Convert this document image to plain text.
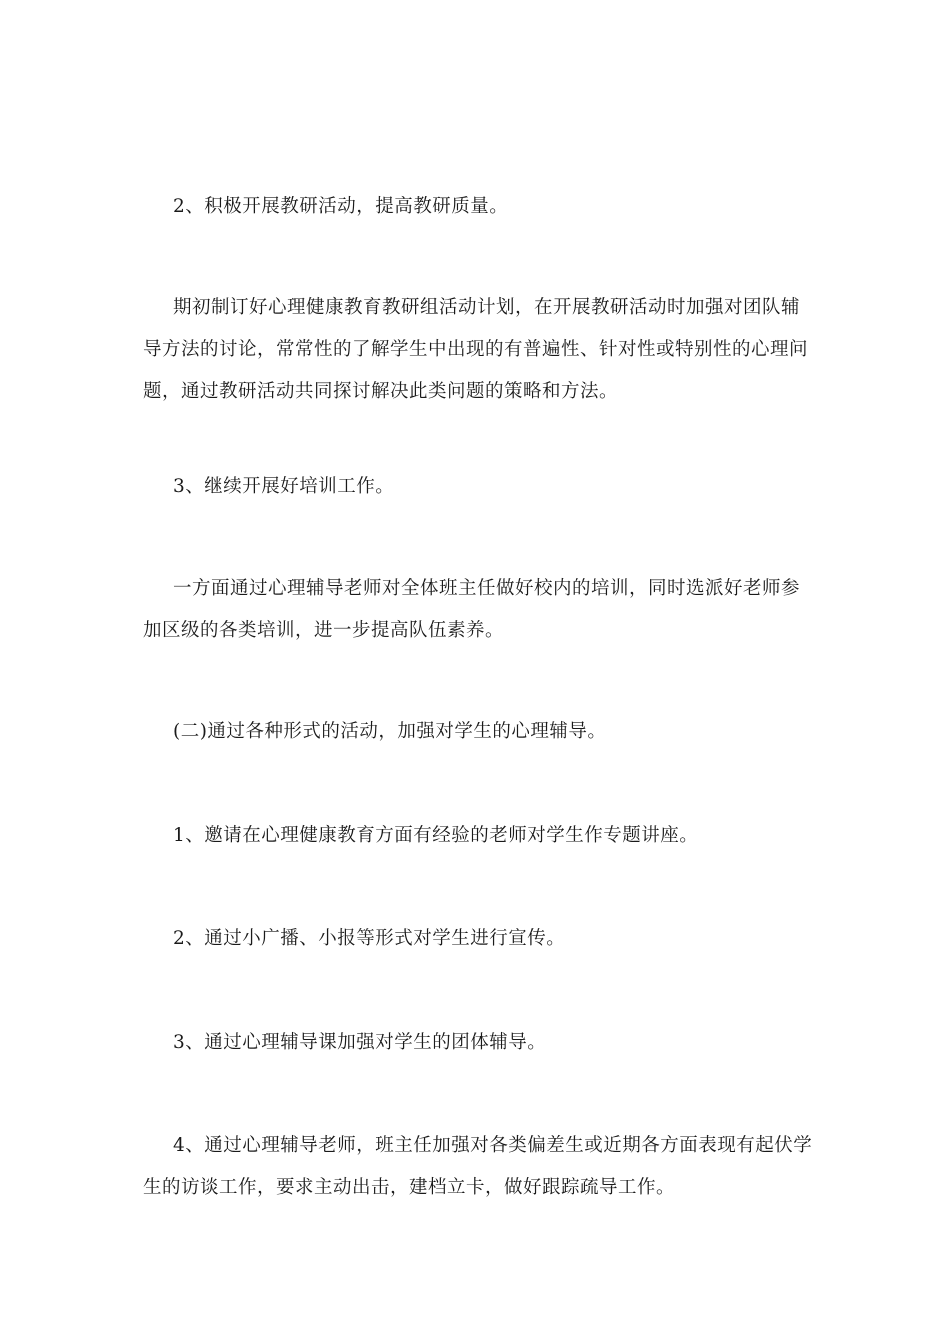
2、积极开展教研活动，提高教研质量。

期初制订好心理健康教育教研组活动计划，在开展教研活动时加强对团队辅导方法的讨论，常常性的了解学生中出现的有普遍性、针对性或特别性的心理问题，通过教研活动共同探讨解决此类问题的策略和方法。

3、继续开展好培训工作。

一方面通过心理辅导老师对全体班主任做好校内的培训，同时选派好老师参加区级的各类培训，进一步提高队伍素养。

(二)通过各种形式的活动，加强对学生的心理辅导。

1、邀请在心理健康教育方面有经验的老师对学生作专题讲座。

2、通过小广播、小报等形式对学生进行宣传。

3、通过心理辅导课加强对学生的团体辅导。

4、通过心理辅导老师，班主任加强对各类偏差生或近期各方面表现有起伏学生的访谈工作，要求主动出击，建档立卡，做好跟踪疏导工作。
